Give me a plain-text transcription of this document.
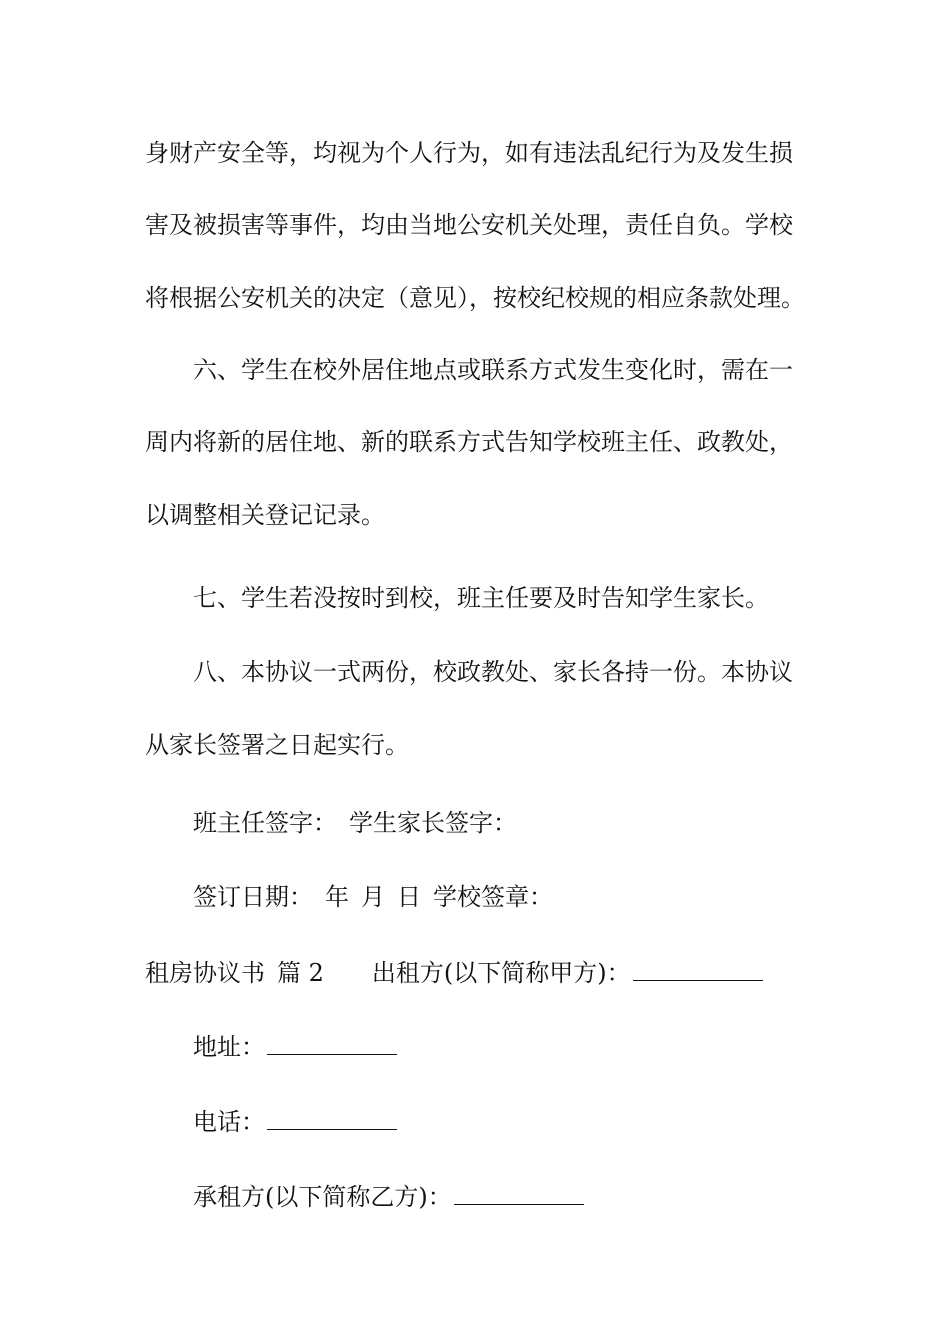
身财产安全等，均视为个人行为，如有违法乱纪行为及发生损
害及被损害等事件，均由当地公安机关处理，责任自负。学校
将根据公安机关的决定（意见），按校纪校规的相应条款处理。
六、学生在校外居住地点或联系方式发生变化时，需在一
周内将新的居住地、新的联系方式告知学校班主任、政教处，
以调整相关登记记录。
七、学生若没按时到校，班主任要及时告知学生家长。
八、本协议一式两份，校政教处、家长各持一份。本协议
从家长签署之日起实行。
班主任签字： 学生家长签字：
签订日期： 年 月 日 学校签章：
租房协议书 篇 2 出租方(以下简称甲方)：
地址：
电话：
承租方(以下简称乙方)：
